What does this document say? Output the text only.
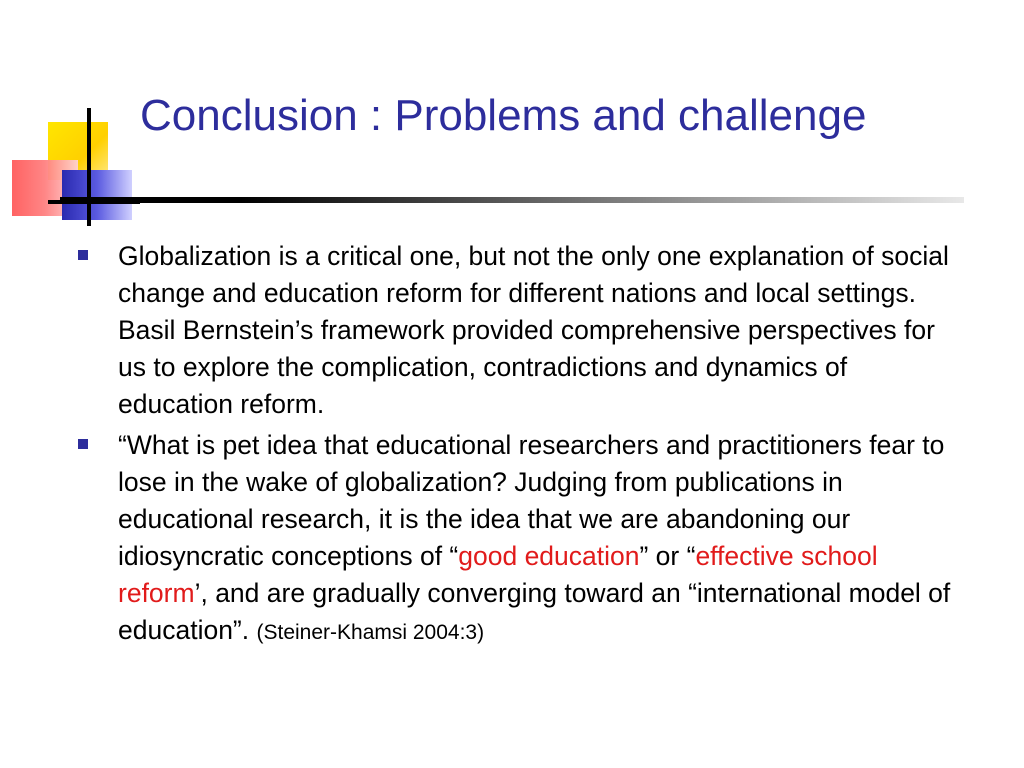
Conclusion : Problems and challenge
Globalization is a critical one, but not the only one explanation of social change and education reform for different nations and local settings. Basil Bernstein’s framework provided comprehensive perspectives for us to explore the complication, contradictions and dynamics of education reform.
“What is pet idea that educational researchers and practitioners fear to lose in the wake of globalization? Judging from publications in educational research, it is the idea that we are abandoning our idiosyncratic conceptions of “good education” or “effective school reform’, and are gradually converging toward an “international model of education”. (Steiner-Khamsi 2004:3)
